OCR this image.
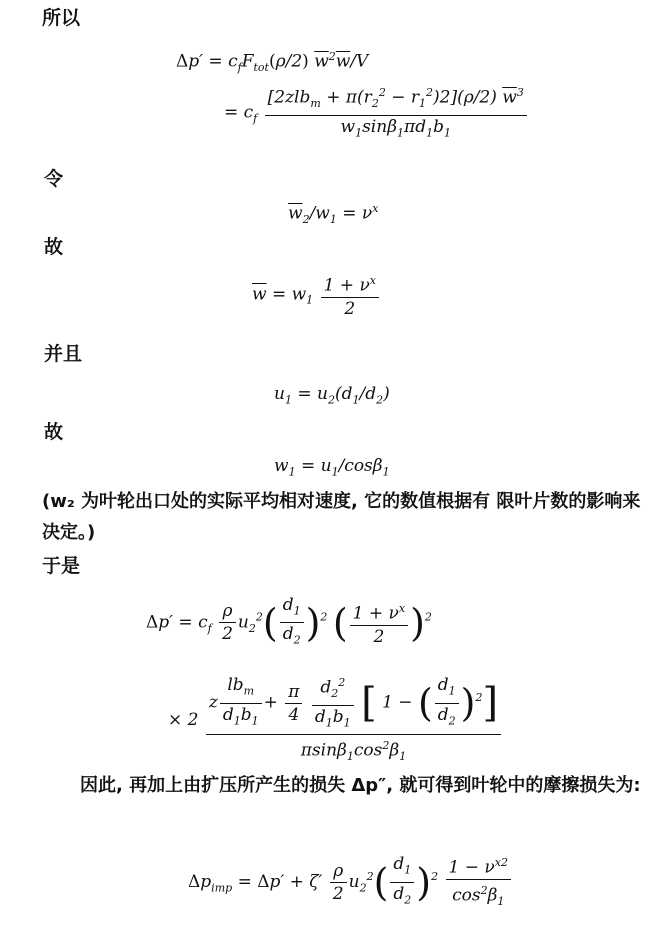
所以
$\Delta p' = c_fF_{tot}(\rho/2)$ $\overline{w}^2\overline{w}/V$
= $c_f \frac{[2zlb_m + \pi(r_2^2 - r_1^2)2](\rho/2) \overline{w}^3}{w_1\sin\beta_1\pi d_1b_1}$
令
$\overline{w}_2/w_1 = \nu^x$
故
$\overline{w} = w_1 \frac{1 + \nu^x}{2}$
并且
$u_1 = u_2(d_1/d_2)$
故
$w_1 = u_1/\cos\beta_1$
(w₂ 为叶轮出口处的实际平均相对速度, 它的数值根据有 限叶片数的影响来决定。)
于是
$\Delta p' = c_f \frac{\rho}{2} u_2^2( \frac{d_1}{d_2} )^2$ ( $\frac{1 + \nu^x}{2} )^2$
× 2 z $\frac{lb_m}{d_1b_1} + \frac{\pi}{4}$
$\frac{d_2^2}{d_1b_1}$ [ 1 − ( $\frac{d_1}{d_2} )^2$]
$\pi\sin\beta_1\cos^2\beta_1$
因此, 再加上由扩压所产生的损失 Δp″, 就可得到叶轮中的摩擦损失为:
$\Delta p_{imp} = \Delta p' + \zeta' \frac{\rho}{2} u_2^2( \frac{d_1}{d_2} )^2 \frac{1 - \nu^{x2}}{\cos^2\beta_1}$
